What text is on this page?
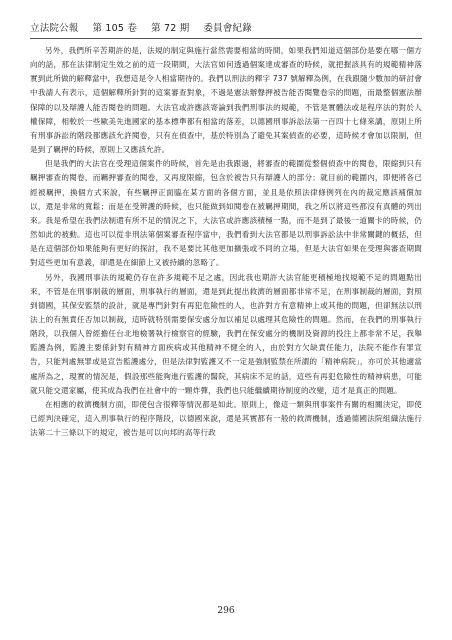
立法院公報 第 105 卷 第 72 期 委員會紀錄

另外，我們所辛苦期許的是，法規的制定與施行當然需要相當的時間，如果我們知道這個部份是要在哪一個方向的話，那在法律制定生效之前的這一段期間，大法官如何透過個案達成審查的時候，就把握該具有的規範精神落實到此所做的解釋當中，我想這是令人相當期待的。我們以刑法的釋字 737 號解釋為例，在我跟隨少數加的研討會中我請人有表示，這個解釋所針對的這案審查對象，不過是憲法辦聲押被告能否閱覽卷宗的問題，而最整個憲法辦保障的以及辯護人能否閱卷的問題。大法官或許應該寄論到我們刑事法的規範，不管是實體法或是程序法的對於人權保障，相較於一些歐美先進國家的基本標準都有相當的落差，以德國刑事訴訟法第一百四十七條來講，原則上所有刑事訴訟的階段都應該允許閱卷，只有在偵查中，基於特別為了避免其案偵查的必要，這時候才會加以限制，但是到了羈押的時候，原則上又應該允許。

但是我們的大法官在受理這個案件的時候，首先是由我跟過，將審查的範圍從整個偵查中的閱卷，限縮到只有羈押審查的閱卷，而羈押審查的閱卷，又再度限縮，包含於被告只有辯護人的部分；就目前的範圍內，即便將各已經被羈押，換個方式來說，有些羈押正面臨在某方面的各個方面，並且是依照法律條例列在內的裁定應該補償加以，還是非常的寬鬆；而是在受辨護的時候，也只能做到如閱卷在被羈押期間，我之所以將這些都沒有真體的列出來。我是希望在我們法制還有所不足的情況之下，大法官或許應該積極一點，而不是到了最後一道關卡的時候，仍然如此的被動。這也可以從非刑法第個案審查程序當中，我們看到大法官都是以刑事訴訟法中非常關鍵的概括，但是在這個部份如果能夠有更好的探討，我不是要比其他更加擴張或不同的立場，但是大法官如果在受理與審查期間對這些更加有意義，卻還是在細節上又被持續的忽略了。

另外，我國刑事法的規範仍存在許多規範不足之處，因此我也期許大法官能更積極地找規範不足的問題點出來，不管是在刑事制裁的層面，刑事執行的層面，還是到此提出救濟的層面都非常不足，在刑事制裁的層面，對照到德國，其保安監禁的設計，就是專門針對有再犯危險性的人，也許對方有意精神上或其他的問題，但卻無法以刑法上的有無責任否加以制裁，這時就特別需要保安處分加以補足以處理其危險性的問題。然而，在我們的刑事執行階段，以我個人曾經擔任台北地檢署執行檢察官的經驗，我們在保安處分的機制及資源的投注上都非常不足，我舉監護為例，監護主要係針對有精神方面疾病或其他精神不健全的人，由於對方欠缺責任能力，法院不能作有罪宣告，只能判處無罪或是宣告監護處分，但是法律對監護又不一定是強制監禁在所謂的「精神病院」，亦可於其他適當處所為之，現實的情況是，假設那些能夠進行監護的醫院，其病床不足的話，這些有再犯危險性的精神病患，可能就只能交還家屬，使其成為我們在社會中的一顆炸彈，我們也只能繼續期待制度的改變，這才是真正的問題。

在相應的救濟機制方面，即使包含很釋等情況都是如此。原則上，像這一類與刑事案件有關的相關決定，即使已經判決確定，這入刑事執行的程序階段，以德國來說，還是其實都有一般的救濟機制，透過德國法院組織法施行法第二十三條以下的規定，被告是可以向邦的高等行政

296
